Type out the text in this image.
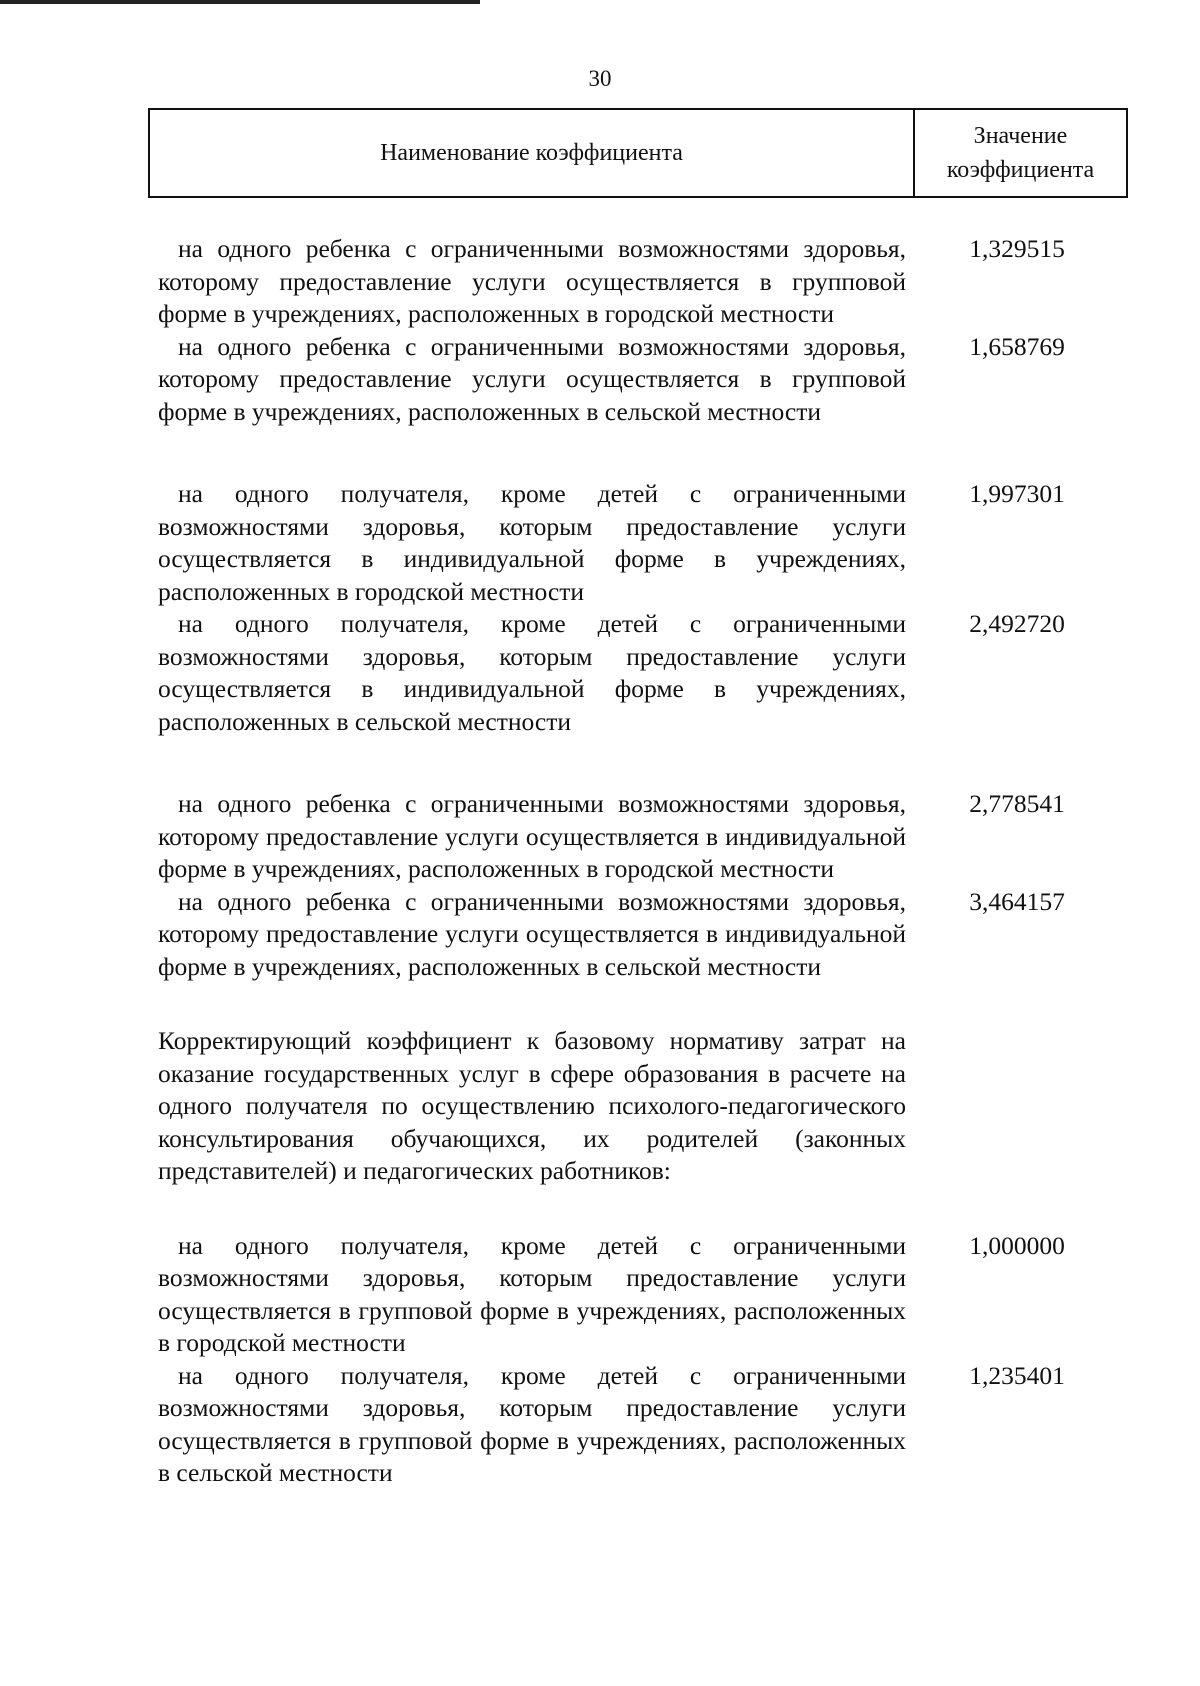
30
Наименование коэффициента
Значение
коэффициента
на одного ребенка с ограниченными возможностями здоровья, которому предоставление услуги осуществляется в групповой форме в учреждениях, расположенных в городской местности
1,329515
на одного ребенка с ограниченными возможностями здоровья, которому предоставление услуги осуществляется в групповой форме в учреждениях, расположенных в сельской местности
1,658769
на одного получателя, кроме детей с ограниченными возможностями здоровья, которым предоставление услуги осуществляется в индивидуальной форме в учреждениях, расположенных в городской местности
1,997301
на одного получателя, кроме детей с ограниченными возможностями здоровья, которым предоставление услуги осуществляется в индивидуальной форме в учреждениях, расположенных в сельской местности
2,492720
на одного ребенка с ограниченными возможностями здоровья, которому предоставление услуги осуществляется в индивидуальной форме в учреждениях, расположенных в городской местности
2,778541
на одного ребенка с ограниченными возможностями здоровья, которому предоставление услуги осуществляется в индивидуальной форме в учреждениях, расположенных в сельской местности
3,464157
Корректирующий коэффициент к базовому нормативу затрат на оказание государственных услуг в сфере образования в расчете на одного получателя по осуществлению психолого-педагогического консультирования обучающихся, их родителей (законных представителей) и педагогических работников:
на одного получателя, кроме детей с ограниченными возможностями здоровья, которым предоставление услуги осуществляется в групповой форме в учреждениях, расположенных в городской местности
1,000000
на одного получателя, кроме детей с ограниченными возможностями здоровья, которым предоставление услуги осуществляется в групповой форме в учреждениях, расположенных в сельской местности
1,235401
